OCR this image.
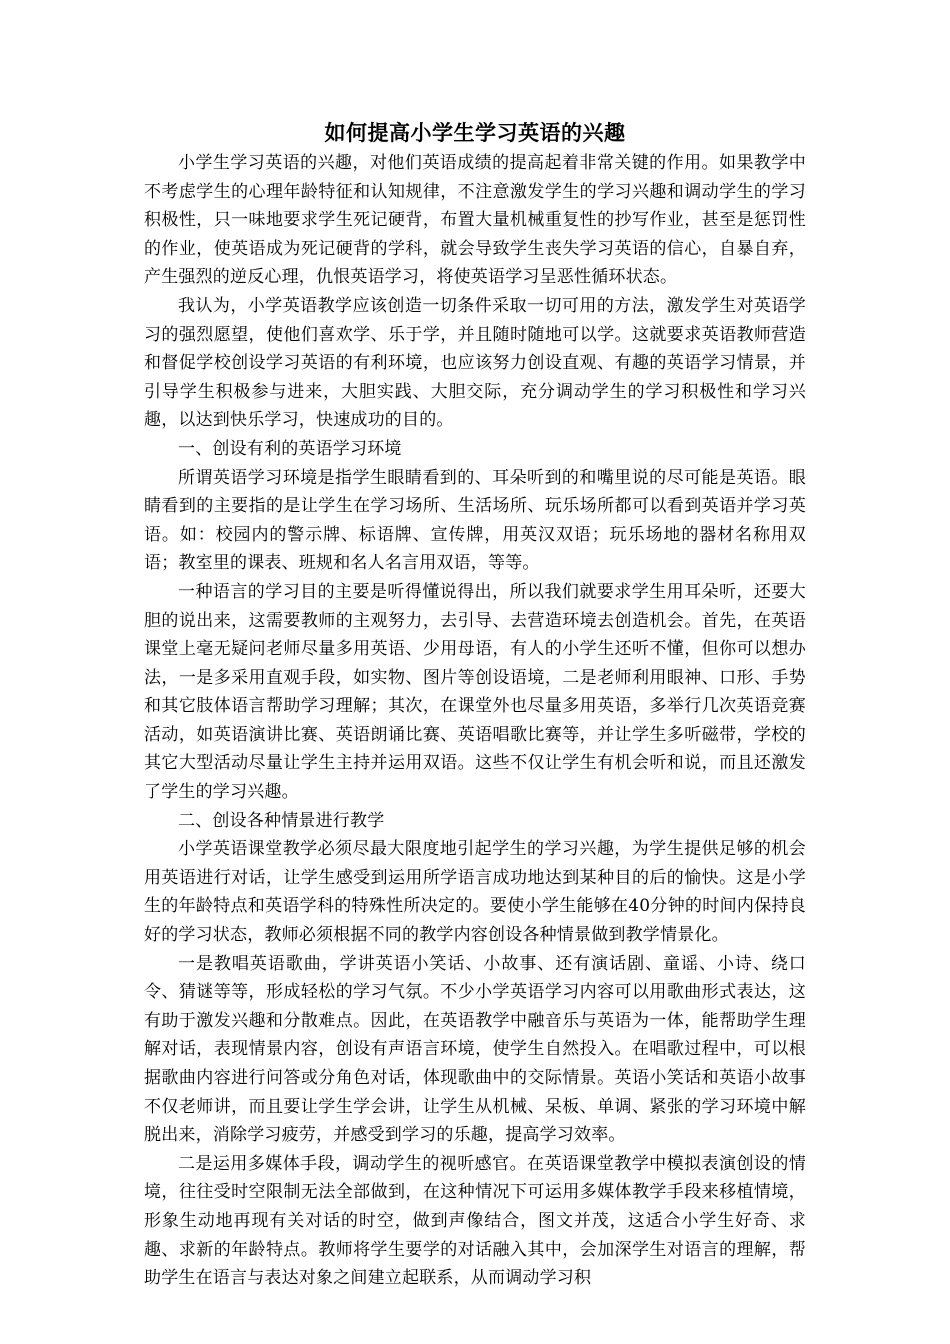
如何提高小学生学习英语的兴趣

小学生学习英语的兴趣，对他们英语成绩的提高起着非常关键的作用。如果教学中不考虑学生的心理年龄特征和认知规律，不注意激发学生的学习兴趣和调动学生的学习积极性，只一味地要求学生死记硬背，布置大量机械重复性的抄写作业，甚至是惩罚性的作业，使英语成为死记硬背的学科，就会导致学生丧失学习英语的信心，自暴自弃，产生强烈的逆反心理，仇恨英语学习，将使英语学习呈恶性循环状态。

我认为，小学英语教学应该创造一切条件采取一切可用的方法，激发学生对英语学习的强烈愿望，使他们喜欢学、乐于学，并且随时随地可以学。这就要求英语教师营造和督促学校创设学习英语的有利环境，也应该努力创设直观、有趣的英语学习情景，并引导学生积极参与进来，大胆实践、大胆交际，充分调动学生的学习积极性和学习兴趣，以达到快乐学习，快速成功的目的。

一、创设有利的英语学习环境

所谓英语学习环境是指学生眼睛看到的、耳朵听到的和嘴里说的尽可能是英语。眼睛看到的主要指的是让学生在学习场所、生活场所、玩乐场所都可以看到英语并学习英语。如：校园内的警示牌、标语牌、宣传牌，用英汉双语；玩乐场地的器材名称用双语；教室里的课表、班规和名人名言用双语，等等。

一种语言的学习目的主要是听得懂说得出，所以我们就要求学生用耳朵听，还要大胆的说出来，这需要教师的主观努力，去引导、去营造环境去创造机会。首先，在英语课堂上毫无疑问老师尽量多用英语、少用母语，有人的小学生还听不懂，但你可以想办法，一是多采用直观手段，如实物、图片等创设语境，二是老师利用眼神、口形、手势和其它肢体语言帮助学习理解；其次，在课堂外也尽量多用英语，多举行几次英语竞赛活动，如英语演讲比赛、英语朗诵比赛、英语唱歌比赛等，并让学生多听磁带，学校的其它大型活动尽量让学生主持并运用双语。这些不仅让学生有机会听和说，而且还激发了学生的学习兴趣。

二、创设各种情景进行教学

小学英语课堂教学必须尽最大限度地引起学生的学习兴趣，为学生提供足够的机会用英语进行对话，让学生感受到运用所学语言成功地达到某种目的后的愉快。这是小学生的年龄特点和英语学科的特殊性所决定的。要使小学生能够在40分钟的时间内保持良好的学习状态，教师必须根据不同的教学内容创设各种情景做到教学情景化。

一是教唱英语歌曲，学讲英语小笑话、小故事、还有演话剧、童谣、小诗、绕口令、猜谜等等，形成轻松的学习气氛。不少小学英语学习内容可以用歌曲形式表达，这有助于激发兴趣和分散难点。因此，在英语教学中融音乐与英语为一体，能帮助学生理解对话，表现情景内容，创设有声语言环境，使学生自然投入。在唱歌过程中，可以根据歌曲内容进行问答或分角色对话，体现歌曲中的交际情景。英语小笑话和英语小故事不仅老师讲，而且要让学生学会讲，让学生从机械、呆板、单调、紧张的学习环境中解脱出来，消除学习疲劳，并感受到学习的乐趣，提高学习效率。

二是运用多媒体手段，调动学生的视听感官。在英语课堂教学中模拟表演创设的情境，往往受时空限制无法全部做到，在这种情况下可运用多媒体教学手段来移植情境，形象生动地再现有关对话的时空，做到声像结合，图文并茂，这适合小学生好奇、求趣、求新的年龄特点。教师将学生要学的对话融入其中，会加深学生对语言的理解，帮助学生在语言与表达对象之间建立起联系，从而调动学习积
